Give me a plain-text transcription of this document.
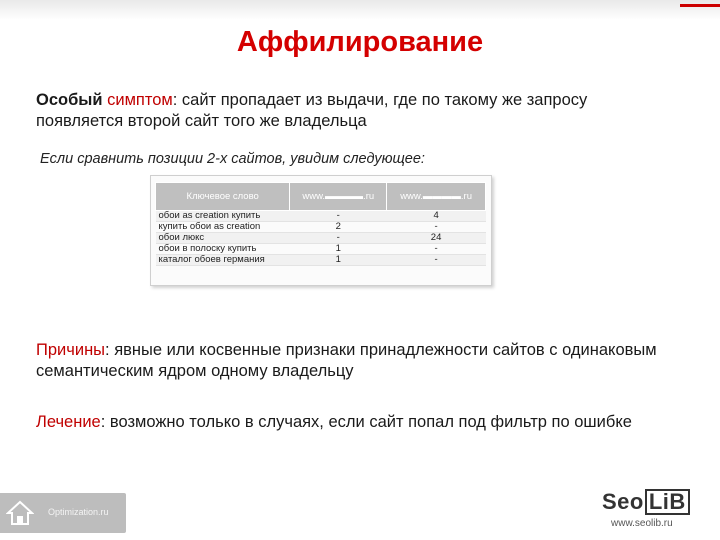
Аффилирование
Особый симптом: сайт пропадает из выдачи, где по такому же запросу появляется второй сайт того же владельца
Если сравнить позиции 2-х сайтов, увидим следующее:
Ключевое слово	www.▬▬▬▬.ru	www.▬▬▬▬.ru
обои as creation купить	-	4
купить обои as creation	2	-
обои люкс	-	24
обои в полоску купить	1	-
каталог обоев германия	1	-
Причины: явные или косвенные признаки принадлежности сайтов с одинаковым семантическим ядром одному владельцу
Лечение: возможно только в случаях, если сайт попал под фильтр по ошибке
Optimization.ru	Seo LiB
www.seolib.ru
